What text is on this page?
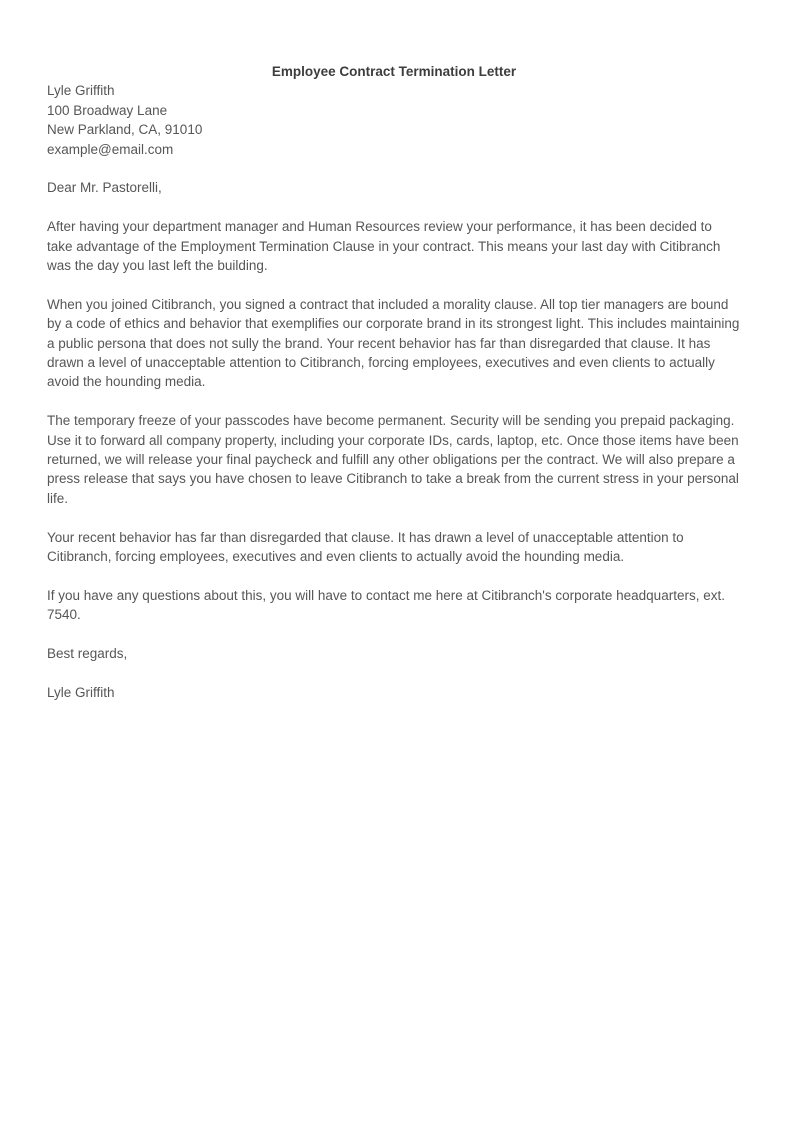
Employee Contract Termination Letter
Lyle Griffith
100 Broadway Lane
New Parkland, CA, 91010
example@email.com

Dear Mr. Pastorelli,

After having your department manager and Human Resources review your performance, it has been decided to take advantage of the Employment Termination Clause in your contract. This means your last day with Citibranch was the day you last left the building.

When you joined Citibranch, you signed a contract that included a morality clause. All top tier managers are bound by a code of ethics and behavior that exemplifies our corporate brand in its strongest light. This includes maintaining a public persona that does not sully the brand. Your recent behavior has far than disregarded that clause. It has drawn a level of unacceptable attention to Citibranch, forcing employees, executives and even clients to actually avoid the hounding media.

The temporary freeze of your passcodes have become permanent. Security will be sending you prepaid packaging. Use it to forward all company property, including your corporate IDs, cards, laptop, etc. Once those items have been returned, we will release your final paycheck and fulfill any other obligations per the contract. We will also prepare a press release that says you have chosen to leave Citibranch to take a break from the current stress in your personal life.

Your recent behavior has far than disregarded that clause. It has drawn a level of unacceptable attention to Citibranch, forcing employees, executives and even clients to actually avoid the hounding media.

If you have any questions about this, you will have to contact me here at Citibranch's corporate headquarters, ext. 7540.

Best regards,

Lyle Griffith
